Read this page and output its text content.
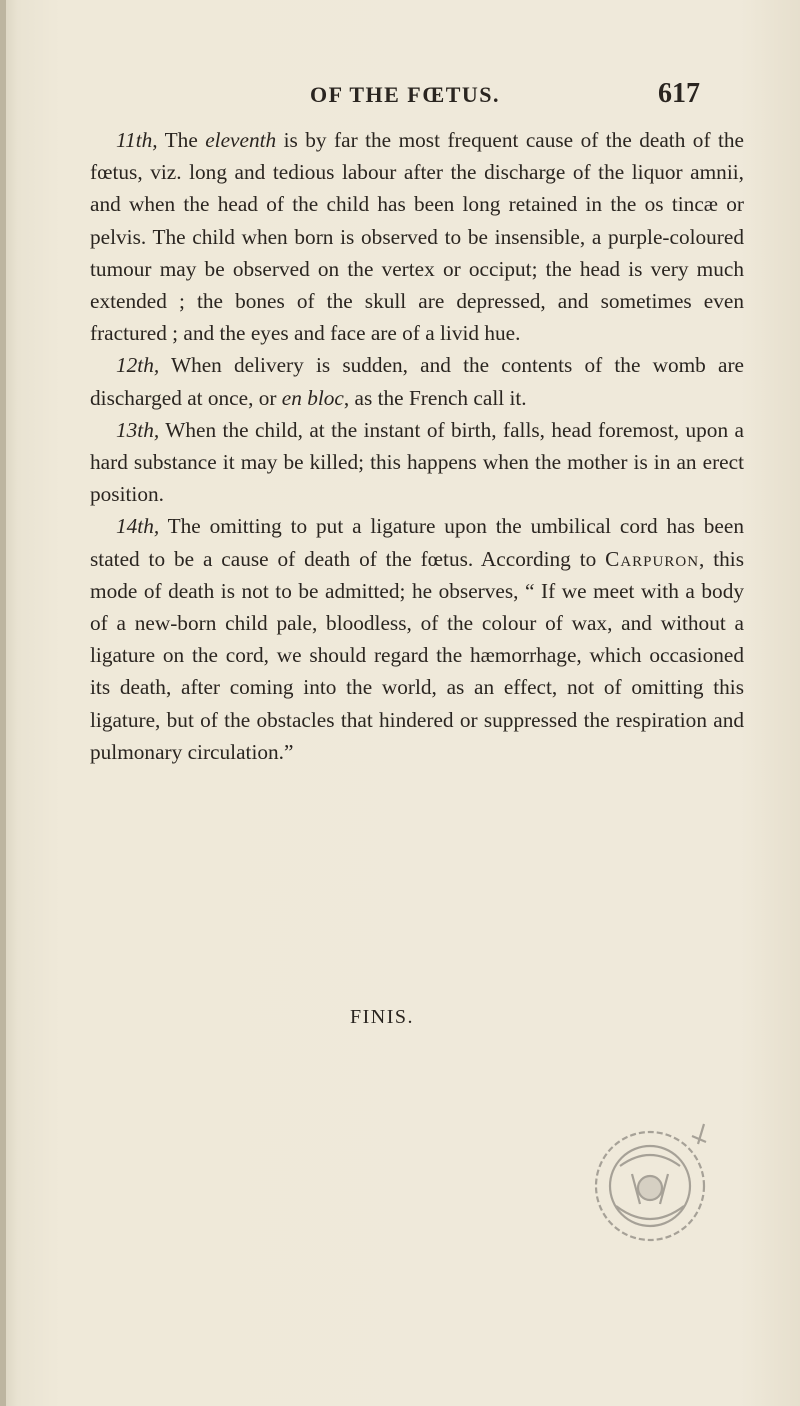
OF THE FŒTUS.	617

11th, The eleventh is by far the most frequent cause of the death of the fœtus, viz. long and tedious labour after the discharge of the liquor amnii, and when the head of the child has been long retained in the os tincæ or pelvis. The child when born is observed to be insensible, a purple-coloured tumour may be observed on the vertex or occiput; the head is very much extended ; the bones of the skull are depressed, and sometimes even fractured ; and the eyes and face are of a livid hue.

12th, When delivery is sudden, and the contents of the womb are discharged at once, or en bloc, as the French call it.

13th, When the child, at the instant of birth, falls, head foremost, upon a hard substance it may be killed; this happens when the mother is in an erect position.

14th, The omitting to put a ligature upon the umbilical cord has been stated to be a cause of death of the fœtus. According to Carpuron, this mode of death is not to be admitted; he observes, “ If we meet with a body of a new-born child pale, bloodless, of the colour of wax, and without a ligature on the cord, we should regard the hæmorrhage, which occasioned its death, after coming into the world, as an effect, not of omitting this ligature, but of the obstacles that hindered or suppressed the respiration and pulmonary circulation.”

FINIS.
